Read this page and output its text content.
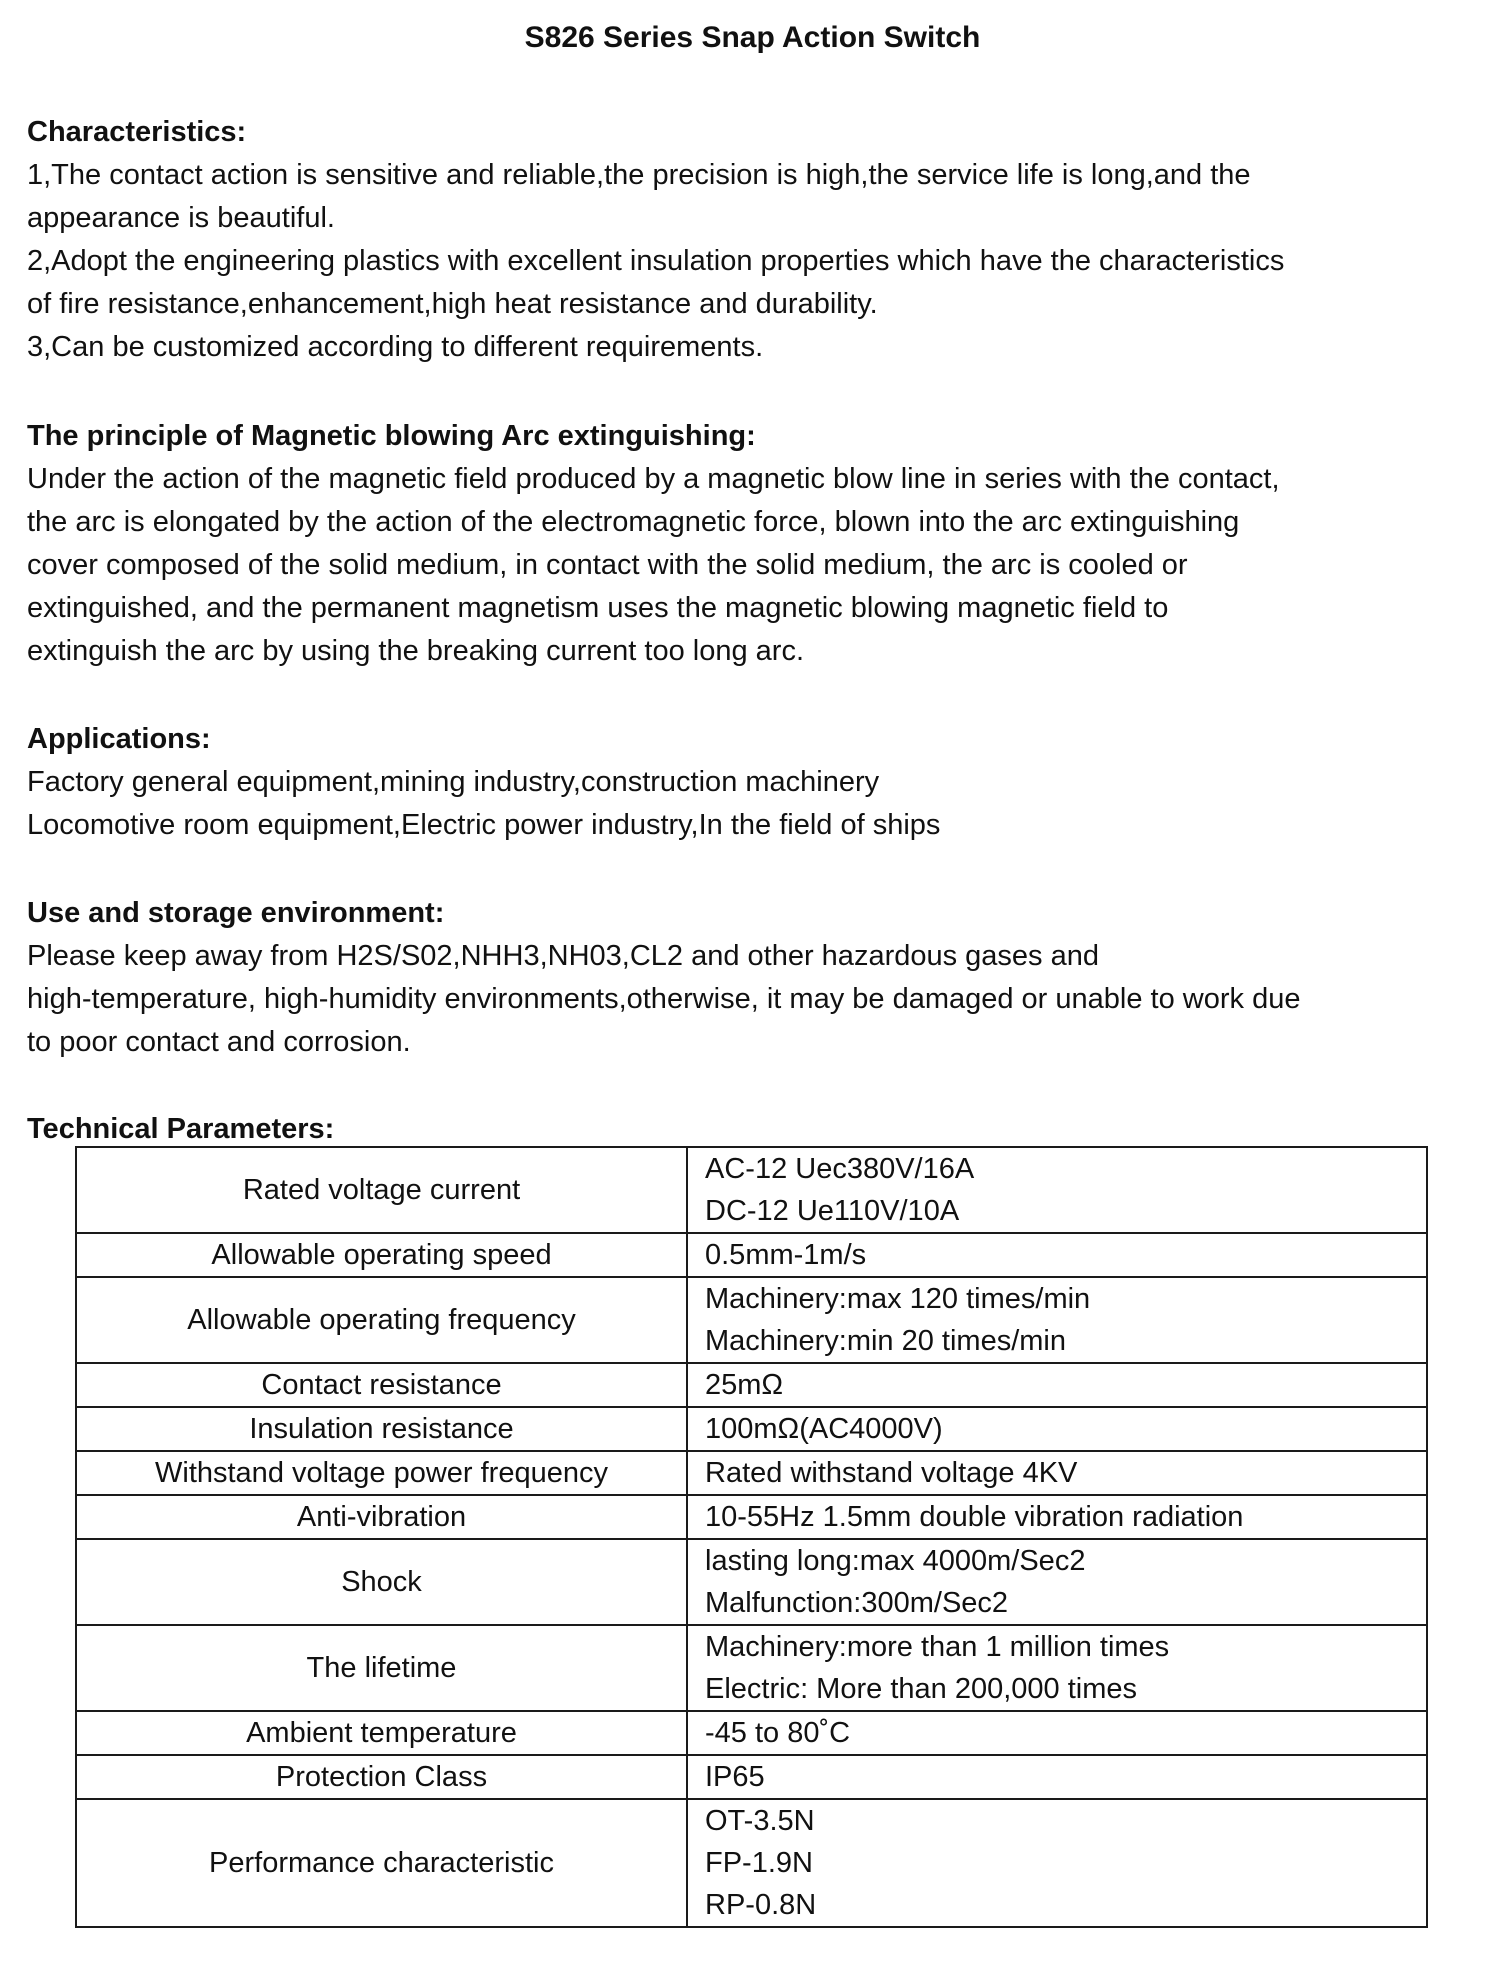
S826 Series Snap Action Switch

Characteristics:

1,The contact action is sensitive and reliable,the precision is high,the service life is long,and the

appearance is beautiful.

2,Adopt the engineering plastics with excellent insulation properties which have the characteristics

of fire resistance,enhancement,high heat resistance and durability.

3,Can be customized according to different requirements.

The principle of Magnetic blowing Arc extinguishing:

Under the action of the magnetic field produced by a magnetic blow line in series with the contact,

the arc is elongated by the action of the electromagnetic force, blown into the arc extinguishing

cover composed of the solid medium, in contact with the solid medium, the arc is cooled or

extinguished, and the permanent magnetism uses the magnetic blowing magnetic field to

extinguish the arc by using the breaking current too long arc.

Applications:

Factory general equipment,mining industry,construction machinery

Locomotive room equipment,Electric power industry,In the field of ships

Use and storage environment:

Please keep away from H2S/S02,NHH3,NH03,CL2 and other hazardous gases and

high-temperature, high-humidity environments,otherwise, it may be damaged or unable to work due

to poor contact and corrosion.

Technical Parameters:

Rated voltage current	AC-12 Uec380V/16A
DC-12 Ue110V/10A

Allowable operating speed	0.5mm-1m/s

Allowable operating frequency	Machinery:max 120 times/min
Machinery:min 20 times/min

Contact resistance	25mΩ

Insulation resistance	100mΩ(AC4000V)

Withstand voltage power frequency	Rated withstand voltage 4KV

Anti-vibration	10-55Hz 1.5mm double vibration radiation

Shock	lasting long:max 4000m/Sec2
Malfunction:300m/Sec2

The lifetime	Machinery:more than 1 million times
Electric: More than 200,000 times

Ambient temperature	-45 to 80˚C

Protection Class	IP65

Performance characteristic	OT-3.5N
FP-1.9N
RP-0.8N
